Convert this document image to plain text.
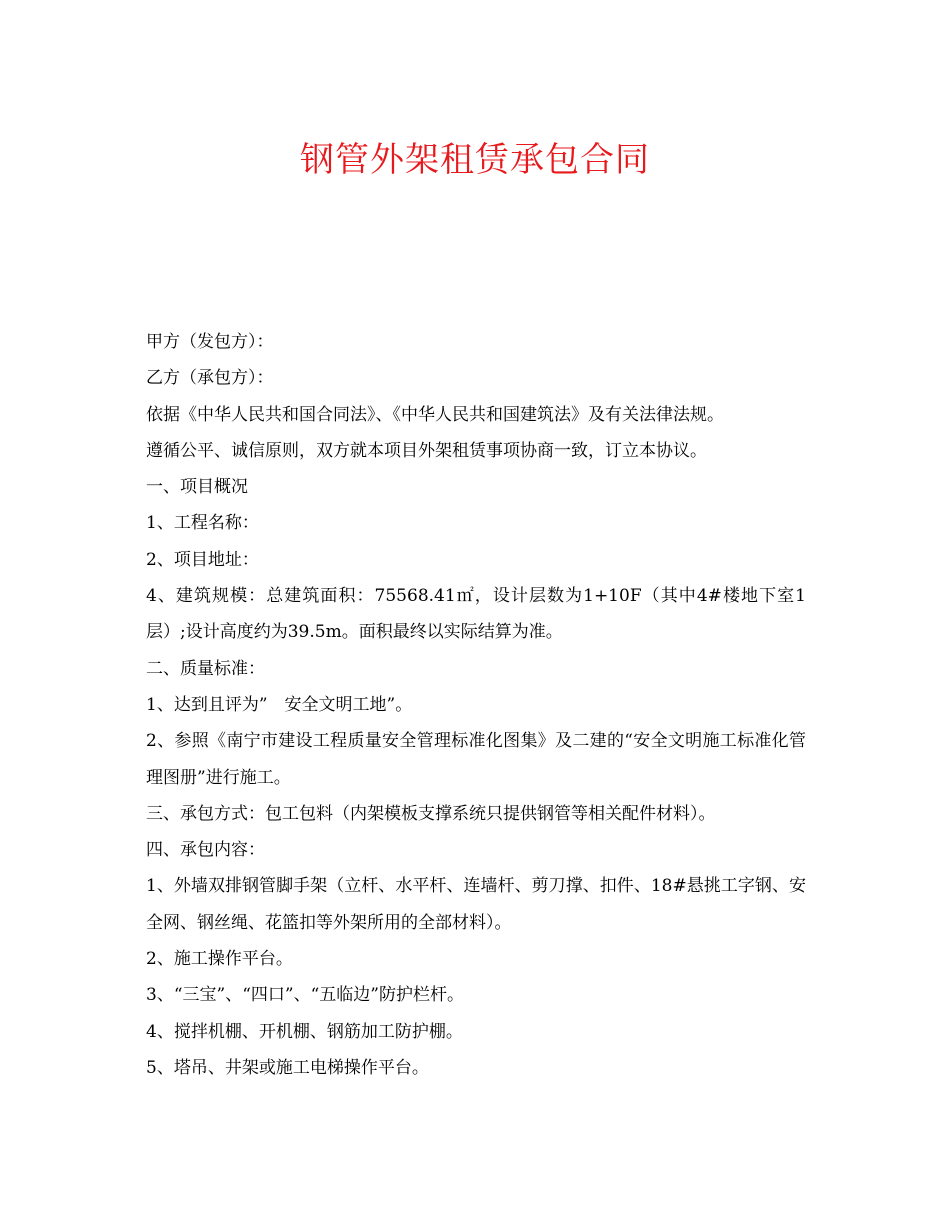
钢管外架租赁承包合同

甲方（发包方）：

乙方（承包方）：

依据《中华人民共和国合同法》、《中华人民共和国建筑法》及有关法律法规。

遵循公平、诚信原则，双方就本项目外架租赁事项协商一致，订立本协议。

一、项目概况

1、工程名称：

2、项目地址：

4、建筑规模：总建筑面积：75568.41㎡，设计层数为1+10F（其中4#楼地下室1层）;设计高度约为39.5m。面积最终以实际结算为准。

二、质量标准：

1、达到且评为”　安全文明工地”。

2、参照《南宁市建设工程质量安全管理标准化图集》及二建的“安全文明施工标准化管理图册”进行施工。

三、承包方式：包工包料（内架模板支撑系统只提供钢管等相关配件材料）。

四、承包内容：

1、外墙双排钢管脚手架（立杆、水平杆、连墙杆、剪刀撑、扣件、18#悬挑工字钢、安全网、钢丝绳、花篮扣等外架所用的全部材料）。

2、施工操作平台。

3、“三宝”、“四口”、“五临边”防护栏杆。

4、搅拌机棚、开机棚、钢筋加工防护棚。

5、塔吊、井架或施工电梯操作平台。
